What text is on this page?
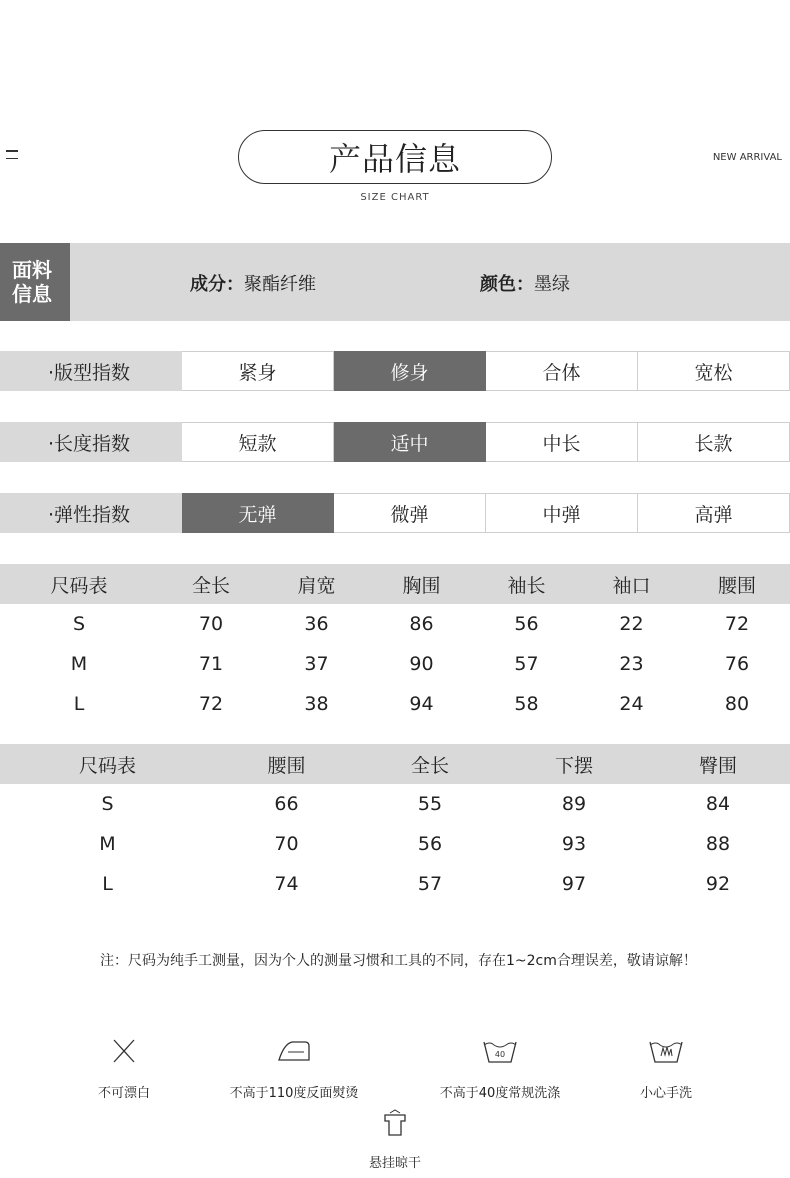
产品信息
SIZE CHART
NEW ARRIVAL
面料
信息	成分：聚酯纤维	颜色：墨绿
·版型指数	紧身	修身	合体	宽松
·长度指数	短款	适中	中长	长款
·弹性指数	无弹	微弹	中弹	高弹
尺码表	全长	肩宽	胸围	袖长	袖口	腰围
S	70	36	86	56	22	72
M	71	37	90	57	23	76
L	72	38	94	58	24	80
尺码表	腰围	全长	下摆	臀围
S	66	55	89	84
M	70	56	93	88
L	74	57	97	92
注：尺码为纯手工测量，因为个人的测量习惯和工具的不同，存在1~2cm合理误差，敬请谅解！
不可漂白	不高于110度反面熨烫
40
不高于40度常规洗涤	小心手洗
悬挂晾干
